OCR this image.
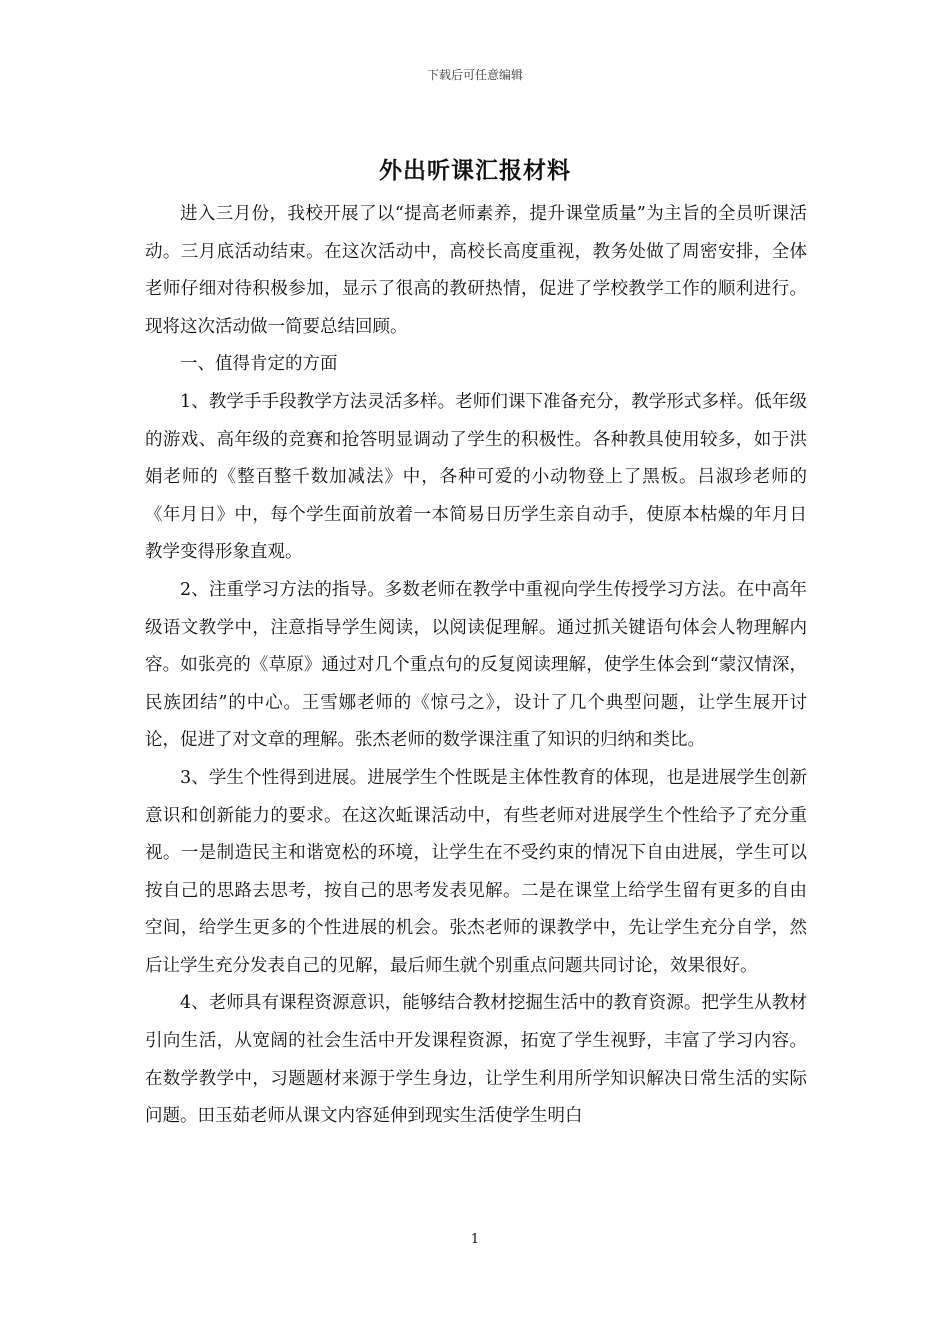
下载后可任意编辑
外出听课汇报材料

进入三月份，我校开展了以“提高老师素养，提升课堂质量”为主旨的全员听课活动。三月底活动结束。在这次活动中，高校长高度重视，教务处做了周密安排，全体老师仔细对待积极参加，显示了很高的教研热情，促进了学校教学工作的顺利进行。现将这次活动做一简要总结回顾。

一、值得肯定的方面

1、教学手手段教学方法灵活多样。老师们课下准备充分，教学形式多样。低年级的游戏、高年级的竞赛和抢答明显调动了学生的积极性。各种教具使用较多，如于洪娟老师的《整百整千数加减法》中，各种可爱的小动物登上了黑板。吕淑珍老师的《年月日》中，每个学生面前放着一本简易日历学生亲自动手，使原本枯燥的年月日教学变得形象直观。

2、注重学习方法的指导。多数老师在教学中重视向学生传授学习方法。在中高年级语文教学中，注意指导学生阅读，以阅读促理解。通过抓关键语句体会人物理解内容。如张亮的《草原》通过对几个重点句的反复阅读理解，使学生体会到“蒙汉情深，民族团结”的中心。王雪娜老师的《惊弓之》，设计了几个典型问题，让学生展开讨论，促进了对文章的理解。张杰老师的数学课注重了知识的归纳和类比。

3、学生个性得到进展。进展学生个性既是主体性教育的体现，也是进展学生创新意识和创新能力的要求。在这次蚯课活动中，有些老师对进展学生个性给予了充分重视。一是制造民主和谐宽松的环境，让学生在不受约束的情况下自由进展，学生可以按自己的思路去思考，按自己的思考发表见解。二是在课堂上给学生留有更多的自由空间，给学生更多的个性进展的机会。张杰老师的课教学中，先让学生充分自学，然后让学生充分发表自己的见解，最后师生就个别重点问题共同讨论，效果很好。

4、老师具有课程资源意识，能够结合教材挖掘生活中的教育资源。把学生从教材引向生活，从宽阔的社会生活中开发课程资源，拓宽了学生视野，丰富了学习内容。在数学教学中，习题题材来源于学生身边，让学生利用所学知识解决日常生活的实际问题。田玉茹老师从课文内容延伸到现实生活使学生明白

1
